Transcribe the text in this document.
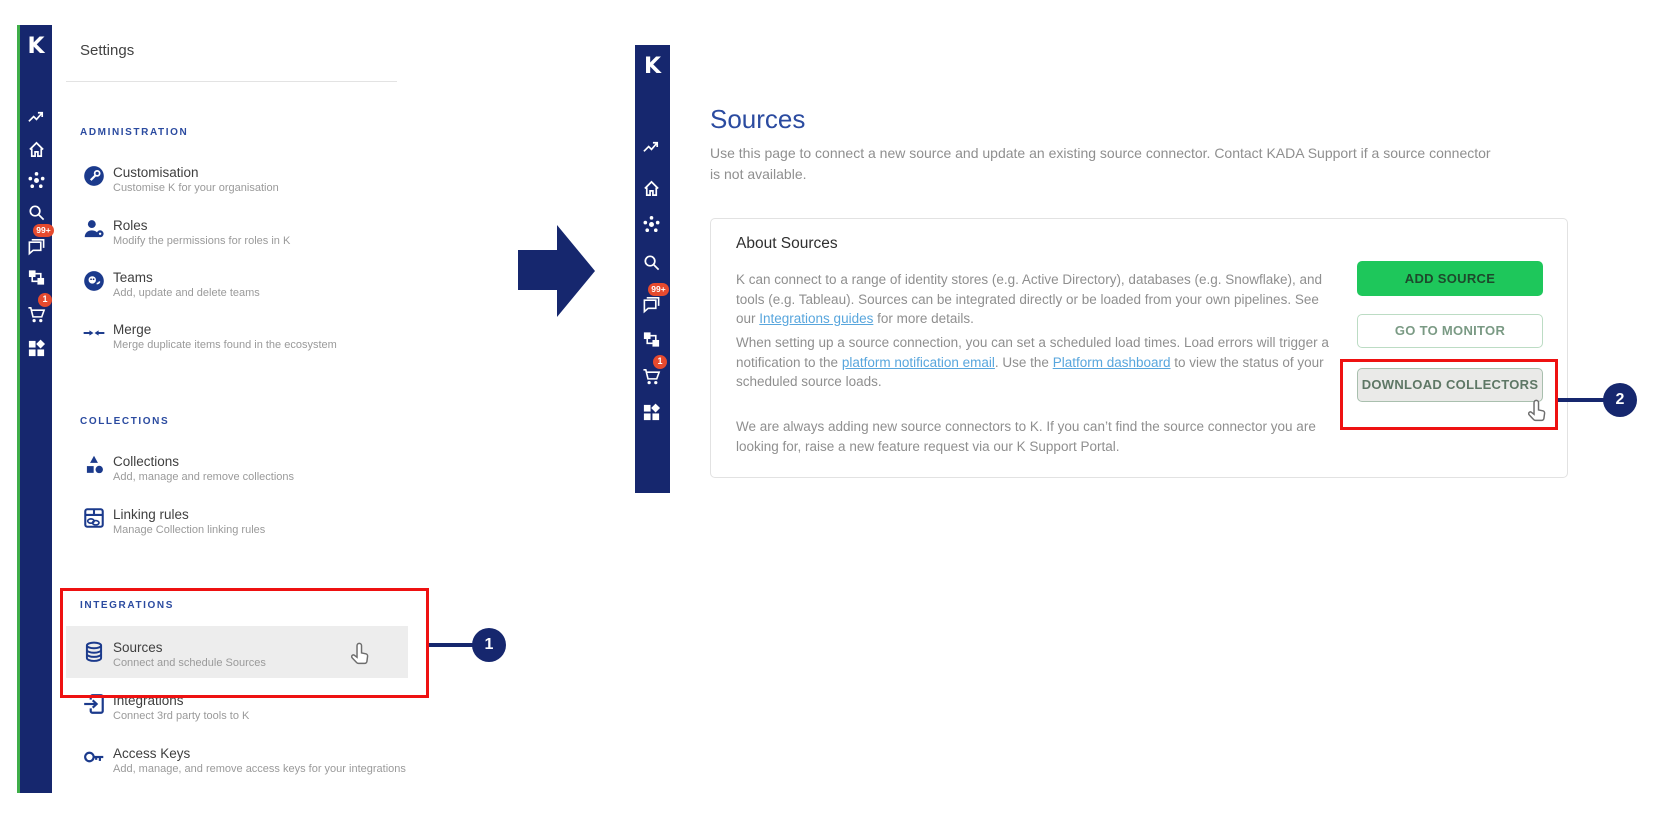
K
99+
1
Settings
ADMINISTRATION
Customisation
Customise K for your organisation
Roles
Modify the permissions for roles in K
Teams
Add, update and delete teams
Merge
Merge duplicate items found in the ecosystem
COLLECTIONS
Collections
Add, manage and remove collections
Linking rules
Manage Collection linking rules
INTEGRATIONS
Sources
Connect and schedule Sources
Integrations
Connect 3rd party tools to K
Access Keys
Add, manage, and remove access keys for your integrations
1
K
99+
1
Sources
Use this page to connect a new source and update an existing source connector. Contact KADA Support if a source connector is not available.
About Sources
K can connect to a range of identity stores (e.g. Active Directory), databases (e.g. Snowflake), and tools (e.g. Tableau). Sources can be integrated directly or be loaded from your own pipelines. See our Integrations guides for more details.
When setting up a source connection, you can set a scheduled load times. Load errors will trigger a notification to the platform notification email. Use the Platform dashboard to view the status of your scheduled source loads.
We are always adding new source connectors to K. If you can’t find the source connector you are looking for, raise a new feature request via our K Support Portal.
ADD SOURCE
GO TO MONITOR
DOWNLOAD COLLECTORS
2
